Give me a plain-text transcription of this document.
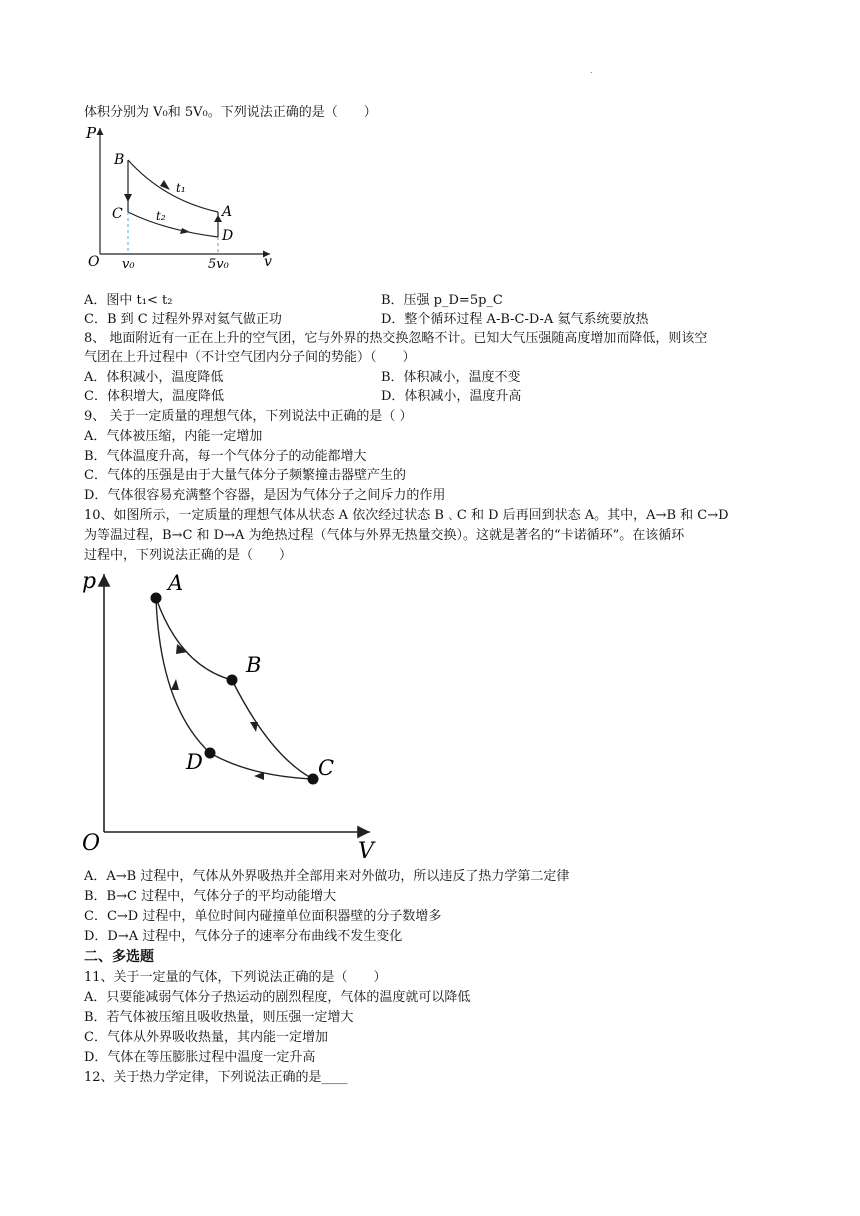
.
体积分别为 V₀和 5V₀。下列说法正确的是（　　）
P
v
O
B
C	A
D
t₁
t₂
v₀	5v₀
A．图中 t₁< t₂	B．压强 p_D=5p_C
C．B 到 C 过程外界对氦气做正功	D．整个循环过程 A-B-C-D-A 氦气系统要放热
8、 地面附近有一正在上升的空气团，它与外界的热交换忽略不计。已知大气压强随高度增加而降低，则该空
气团在上升过程中（不计空气团内分子间的势能）（　　）
A．体积减小，温度降低	B．体积减小，温度不变
C．体积增大，温度降低	D．体积减小，温度升高
9、 关于一定质量的理想气体，下列说法中正确的是（ ）
A．气体被压缩，内能一定增加
B．气体温度升高，每一个气体分子的动能都增大
C．气体的压强是由于大量气体分子频繁撞击器壁产生的
D．气体很容易充满整个容器，是因为气体分子之间斥力的作用
10、如图所示，一定质量的理想气体从状态 A 依次经过状态 B﹑C 和 D 后再回到状态 A。其中，A→B 和 C→D
为等温过程，B→C 和 D→A 为绝热过程（气体与外界无热量交换）。这就是著名的“卡诺循环”。在该循环
过程中，下列说法正确的是（　　）
p
V
O
A
B
C
D
A．A→B 过程中，气体从外界吸热并全部用来对外做功，所以违反了热力学第二定律
B．B→C 过程中，气体分子的平均动能增大
C．C→D 过程中，单位时间内碰撞单位面积器壁的分子数增多
D．D→A 过程中，气体分子的速率分布曲线不发生变化
二、多选题
11、关于一定量的气体，下列说法正确的是（　　）
A．只要能减弱气体分子热运动的剧烈程度，气体的温度就可以降低
B．若气体被压缩且吸收热量，则压强一定增大
C．气体从外界吸收热量，其内能一定增加
D．气体在等压膨胀过程中温度一定升高
12、关于热力学定律，下列说法正确的是____
